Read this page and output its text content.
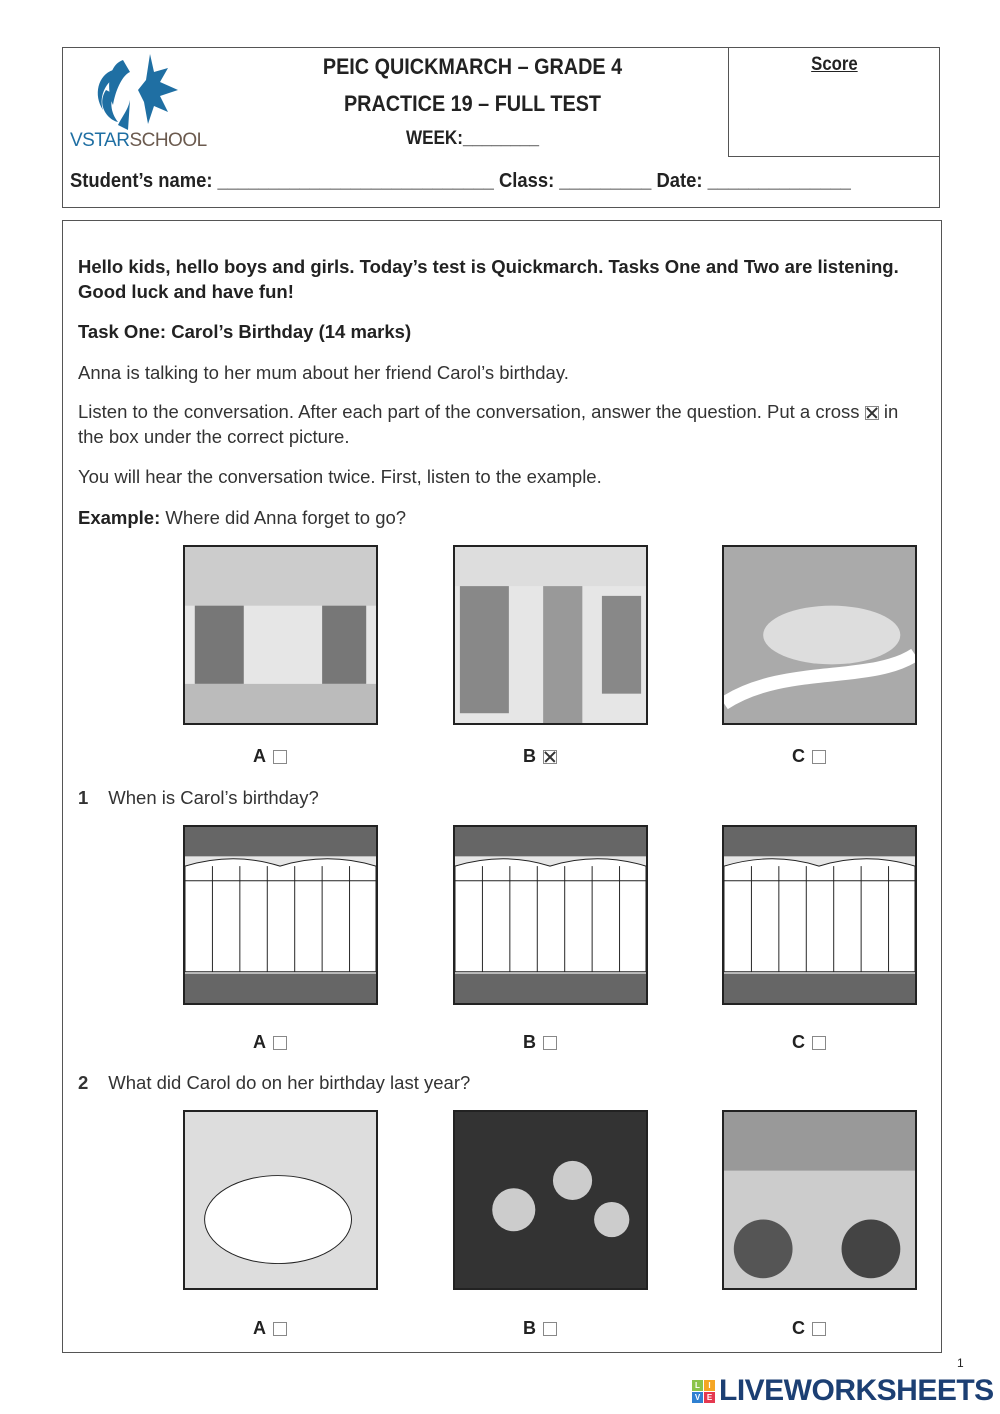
Score
VSTARSCHOOL
PEIC QUICKMARCH – GRADE 4
PRACTICE 19 – FULL TEST
WEEK:________
Student’s name: ___________________________ Class: _________ Date: ______________
Hello kids, hello boys and girls. Today’s test is Quickmarch. Tasks One and Two are listening. Good luck and have fun!
Task One: Carol’s Birthday (14 marks)
Anna is talking to her mum about her friend Carol’s birthday.
Listen to the conversation. After each part of the conversation, answer the question. Put a cross ☒ in the box under the correct picture.
You will hear the conversation twice. First, listen to the example.
Example: Where did Anna forget to go?
1 When is Carol’s birthday?
2 What did Carol do on her birthday last year?
A	B	C
A	B	C
A	B	C
L	I
V E LIVEWORKSHEETS
1
